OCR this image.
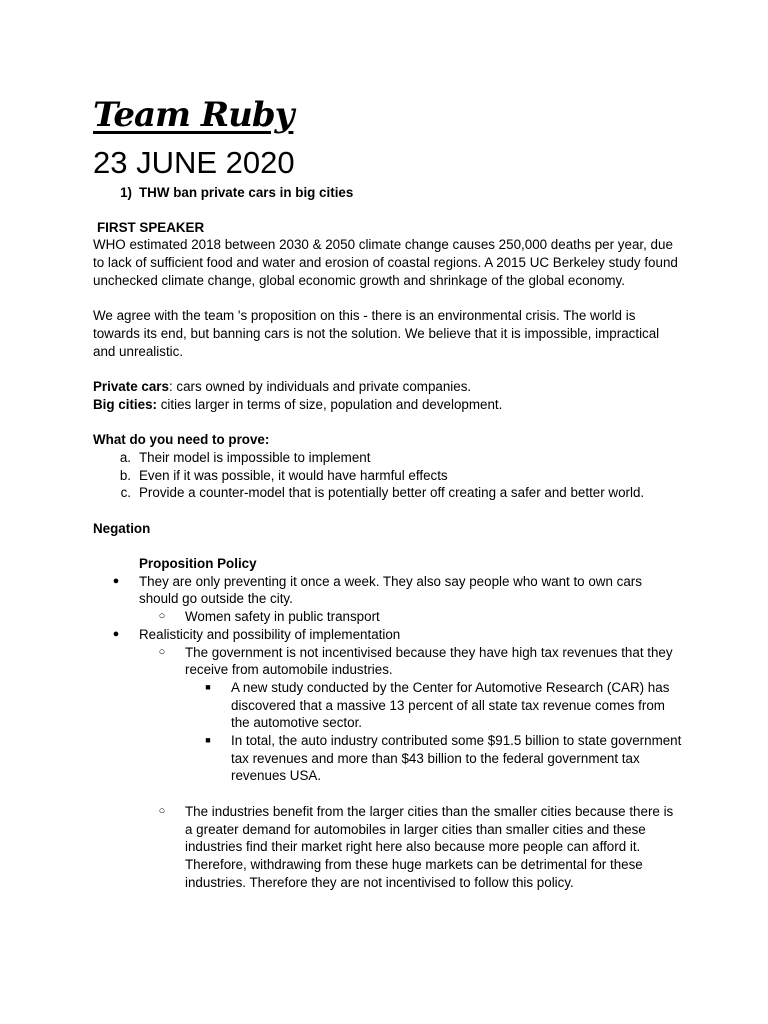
Team Ruby
23 JUNE 2020
1) THW ban private cars in big cities
FIRST SPEAKER

WHO estimated 2018 between 2030 & 2050 climate change causes 250,000 deaths per year, due to lack of sufficient food and water and erosion of coastal regions. A 2015 UC Berkeley study found unchecked climate change, global economic growth and shrinkage of the global economy.

We agree with the team 's proposition on this - there is an environmental crisis. The world is towards its end, but banning cars is not the solution. We believe that it is impossible, impractical and unrealistic.

Private cars: cars owned by individuals and private companies.
Big cities: cities larger in terms of size, population and development.
What do you need to prove:
a. Their model is impossible to implement
b. Even if it was possible, it would have harmful effects
c. Provide a counter-model that is potentially better off creating a safer and better world.
Negation
Proposition Policy
●	They are only preventing it once a week. They also say people who want to own cars should go outside the city.
○	Women safety in public transport
●	Realisticity and possibility of implementation
○	The government is not incentivised because they have high tax revenues that they receive from automobile industries.
■	A new study conducted by the Center for Automotive Research (CAR) has discovered that a massive 13 percent of all state tax revenue comes from the automotive sector.
■	In total, the auto industry contributed some $91.5 billion to state government tax revenues and more than $43 billion to the federal government tax revenues USA.
○	The industries benefit from the larger cities than the smaller cities because there is a greater demand for automobiles in larger cities than smaller cities and these industries find their market right here also because more people can afford it. Therefore, withdrawing from these huge markets can be detrimental for these industries. Therefore they are not incentivised to follow this policy.
